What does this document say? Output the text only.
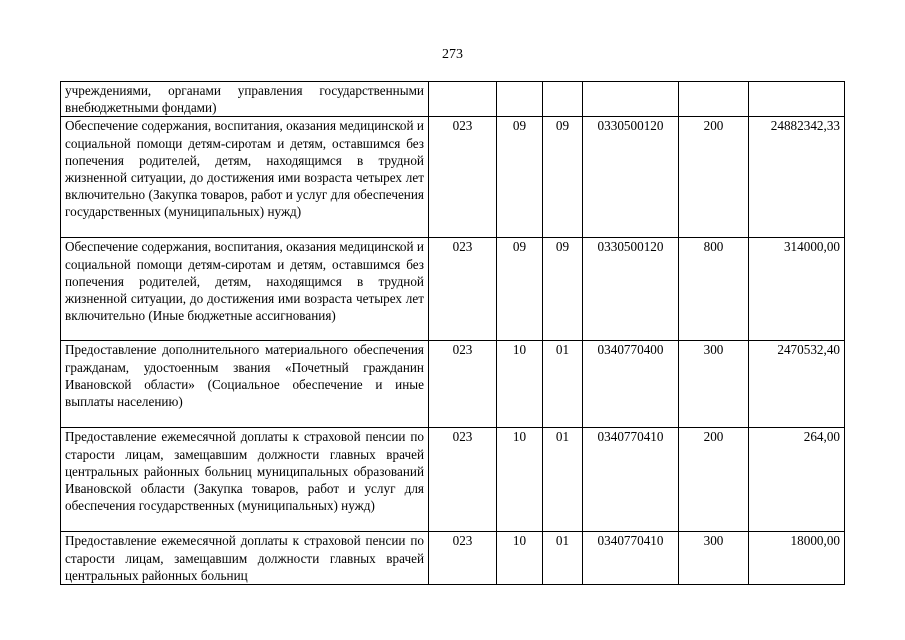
273
учреждениями, органами управления государственными внебюджетными фондами)						
Обеспечение содержания, воспитания, оказания медицинской и социальной помощи детям-сиротам и детям, оставшимся без попечения родителей, детям, находящимся в трудной жизненной ситуации, до достижения ими возраста четырех лет включительно (Закупка товаров, работ и услуг для обеспечения государственных (муниципальных) нужд)	023	09	09	0330500120	200	24882342,33
Обеспечение содержания, воспитания, оказания медицинской и социальной помощи детям-сиротам и детям, оставшимся без попечения родителей, детям, находящимся в трудной жизненной ситуации, до достижения ими возраста четырех лет включительно (Иные бюджетные ассигнования)	023	09	09	0330500120	800	314000,00
Предоставление дополнительного материального обеспечения гражданам, удостоенным звания «Почетный гражданин Ивановской области» (Социальное обеспечение и иные выплаты населению)	023	10	01	0340770400	300	2470532,40
Предоставление ежемесячной доплаты к страховой пенсии по старости лицам, замещавшим должности главных врачей центральных районных больниц муниципальных образований Ивановской области (Закупка товаров, работ и услуг для обеспечения государственных (муниципальных) нужд)	023	10	01	0340770410	200	264,00
Предоставление ежемесячной доплаты к страховой пенсии по старости лицам, замещавшим должности главных врачей центральных районных больниц	023	10	01	0340770410	300	18000,00
